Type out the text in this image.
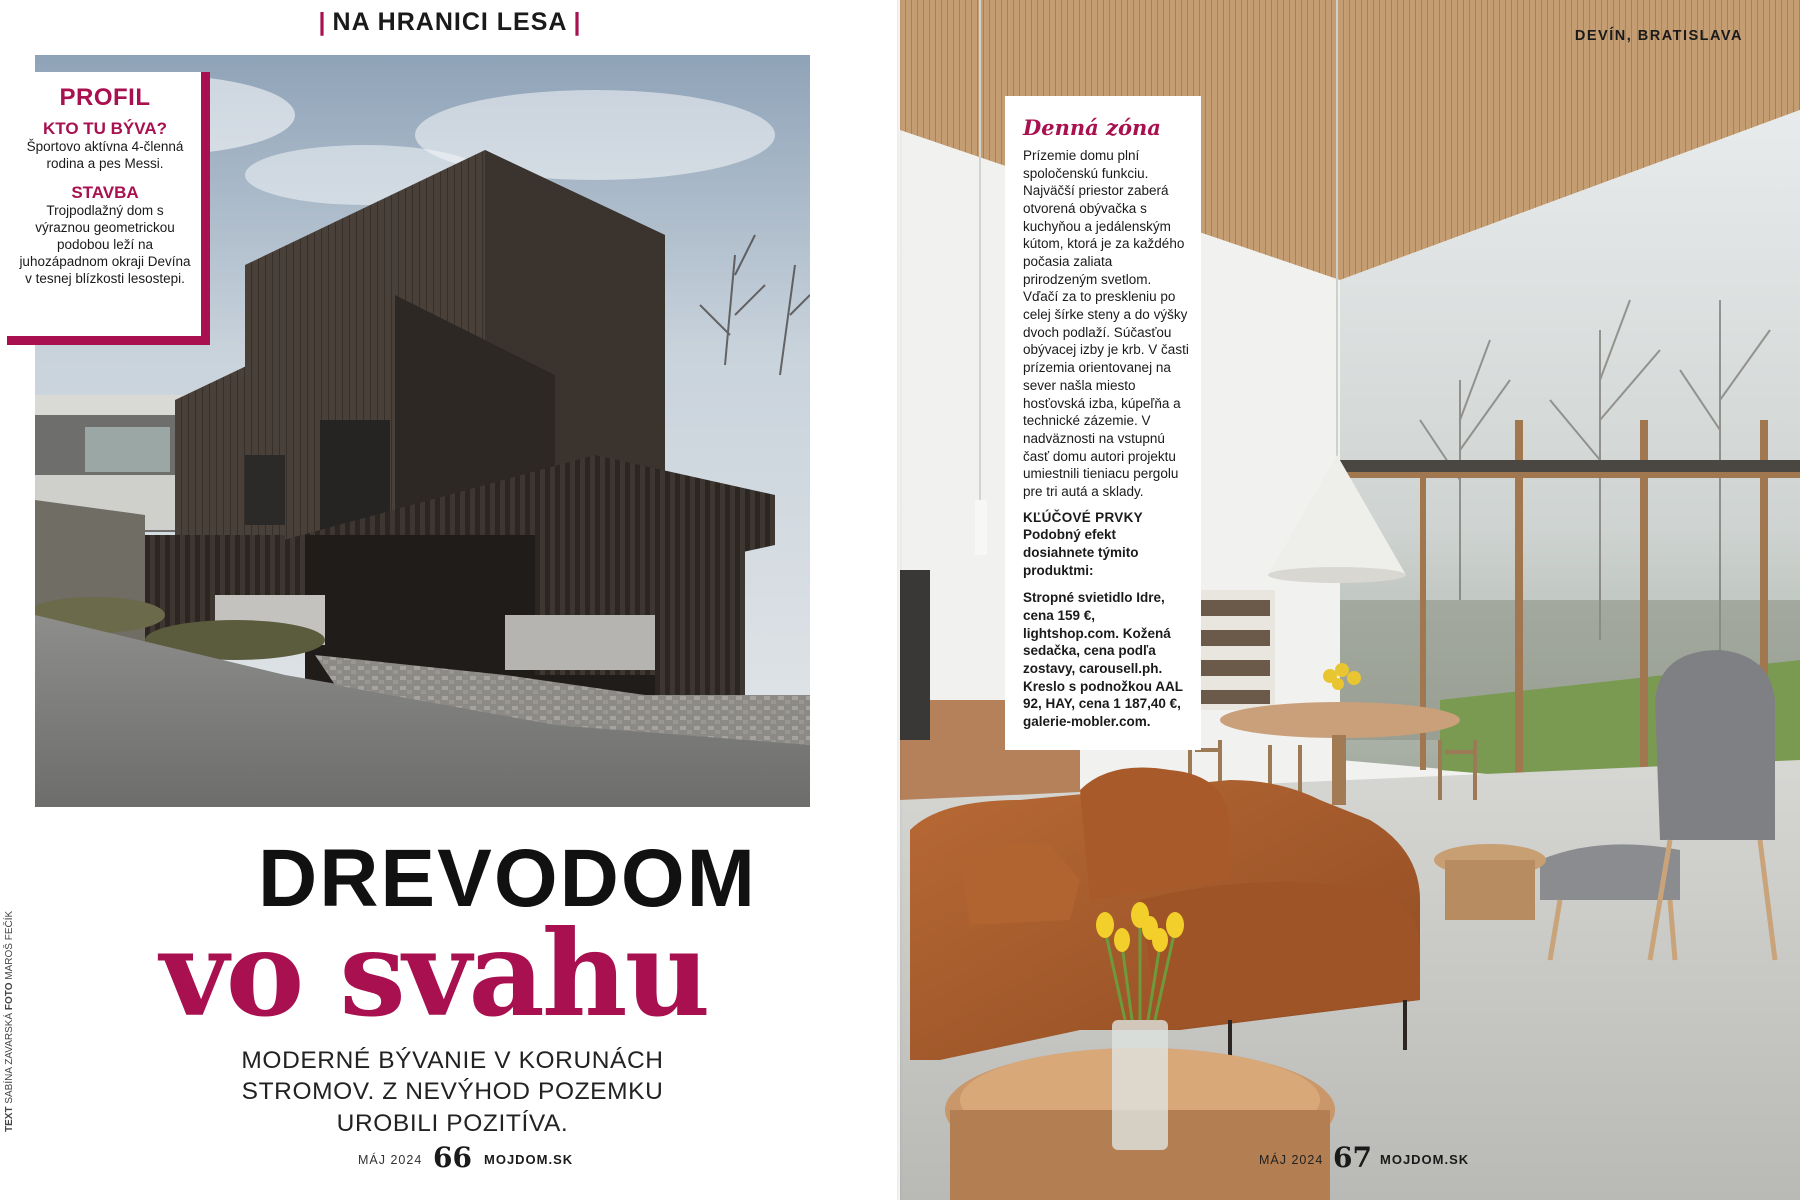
| NA HRANICI LESA |
PROFIL
KTO TU BÝVA?
Športovo aktívna 4-členná rodina a pes Messi.
STAVBA
Trojpodlažný dom s výraznou geometrickou podobou leží na juhozápadnom okraji Devína v tesnej blízkosti lesostepi.
DREVODOM
vo svahu
MODERNÉ BÝVANIE V KORUNÁCH STROMOV. Z NEVÝHOD POZEMKU UROBILI POZITÍVA.
TEXT SABÍNA ZAVARSKÁ FOTO MAROŠ FEČÍK
MÁJ 2024 66 MOJDOM.SK
DEVÍN, BRATISLAVA
MÁJ 2024 67 MOJDOM.SK
Denná zóna
Prízemie domu plní spoločenskú funkciu. Najväčší priestor zaberá otvorená obývačka s kuchyňou a jedálenským kútom, ktorá je za každého počasia zaliata prirodzeným svetlom. Vďačí za to preskleniu po celej šírke steny a do výšky dvoch podlaží. Súčasťou obývacej izby je krb. V časti prízemia orientovanej na sever našla miesto hosťovská izba, kúpeľňa a technické zázemie. V nadväznosti na vstupnú časť domu autori projektu umiestnili tieniacu pergolu pre tri autá a sklady.
KĽÚČOVÉ PRVKY
Podobný efekt dosiahnete týmito produktmi:
Stropné svietidlo Idre, cena 159 €, lightshop.com. Kožená sedačka, cena podľa zostavy, carousell.ph. Kreslo s podnožkou AAL 92, HAY, cena 1 187,40 €, galerie-mobler.com.
